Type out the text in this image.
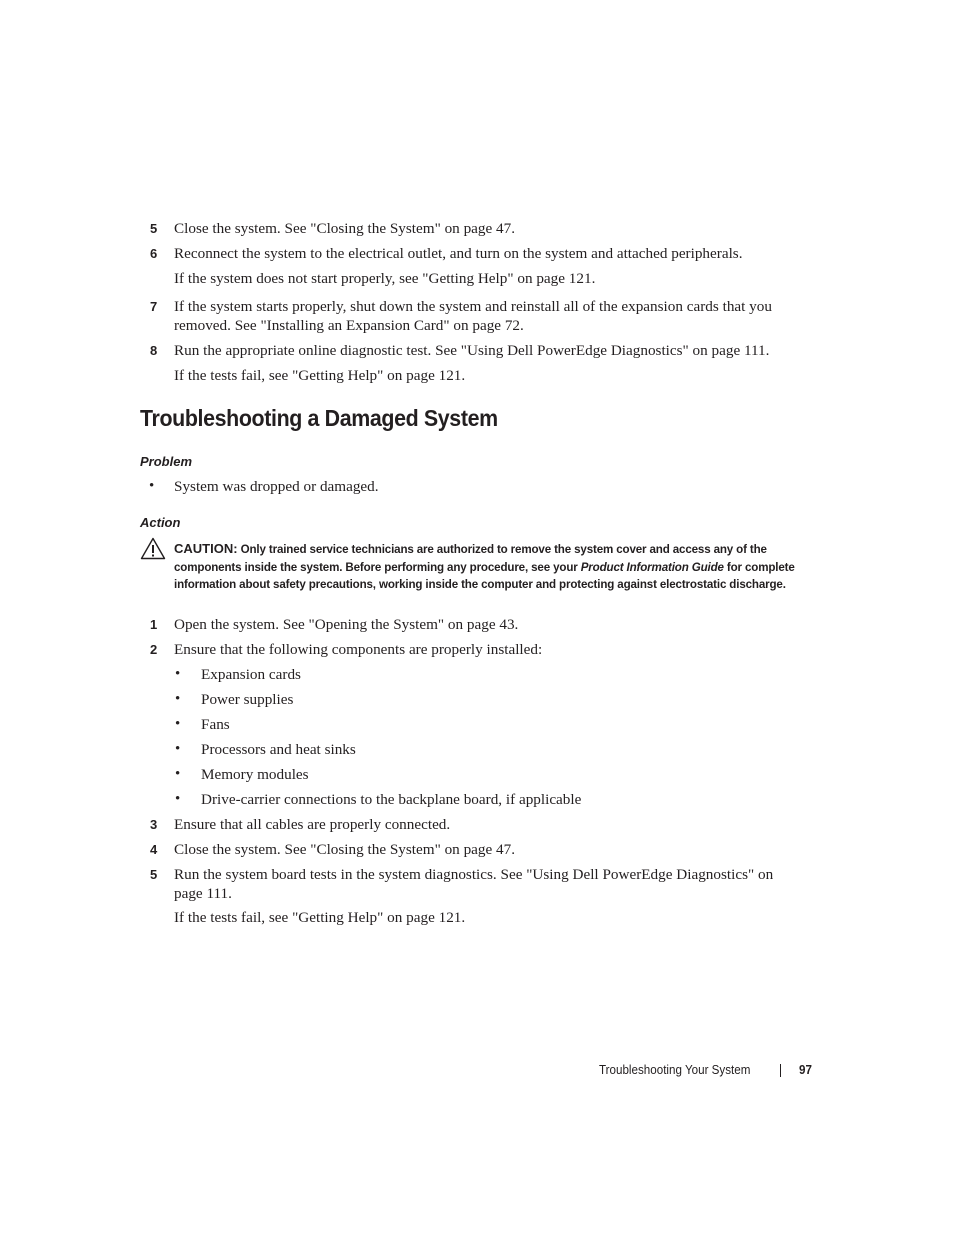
5 Close the system. See "Closing the System" on page 47.
6 Reconnect the system to the electrical outlet, and turn on the system and attached peripherals.
If the system does not start properly, see "Getting Help" on page 121.
7 If the system starts properly, shut down the system and reinstall all of the expansion cards that you
removed. See "Installing an Expansion Card" on page 72.
8 Run the appropriate online diagnostic test. See "Using Dell PowerEdge Diagnostics" on page 111.
If the tests fail, see "Getting Help" on page 121.
Troubleshooting a Damaged System
Problem
• System was dropped or damaged.
Action
CAUTION: Only trained service technicians are authorized to remove the system cover and access any of the components inside the system. Before performing any procedure, see your Product Information Guide for complete information about safety precautions, working inside the computer and protecting against electrostatic discharge.
1 Open the system. See "Opening the System" on page 43.
2 Ensure that the following components are properly installed:
• Expansion cards
• Power supplies
• Fans
• Processors and heat sinks
• Memory modules
• Drive-carrier connections to the backplane board, if applicable
3 Ensure that all cables are properly connected.
4 Close the system. See "Closing the System" on page 47.
5 Run the system board tests in the system diagnostics. See "Using Dell PowerEdge Diagnostics" on
page 111.
If the tests fail, see "Getting Help" on page 121.
Troubleshooting Your System	97
